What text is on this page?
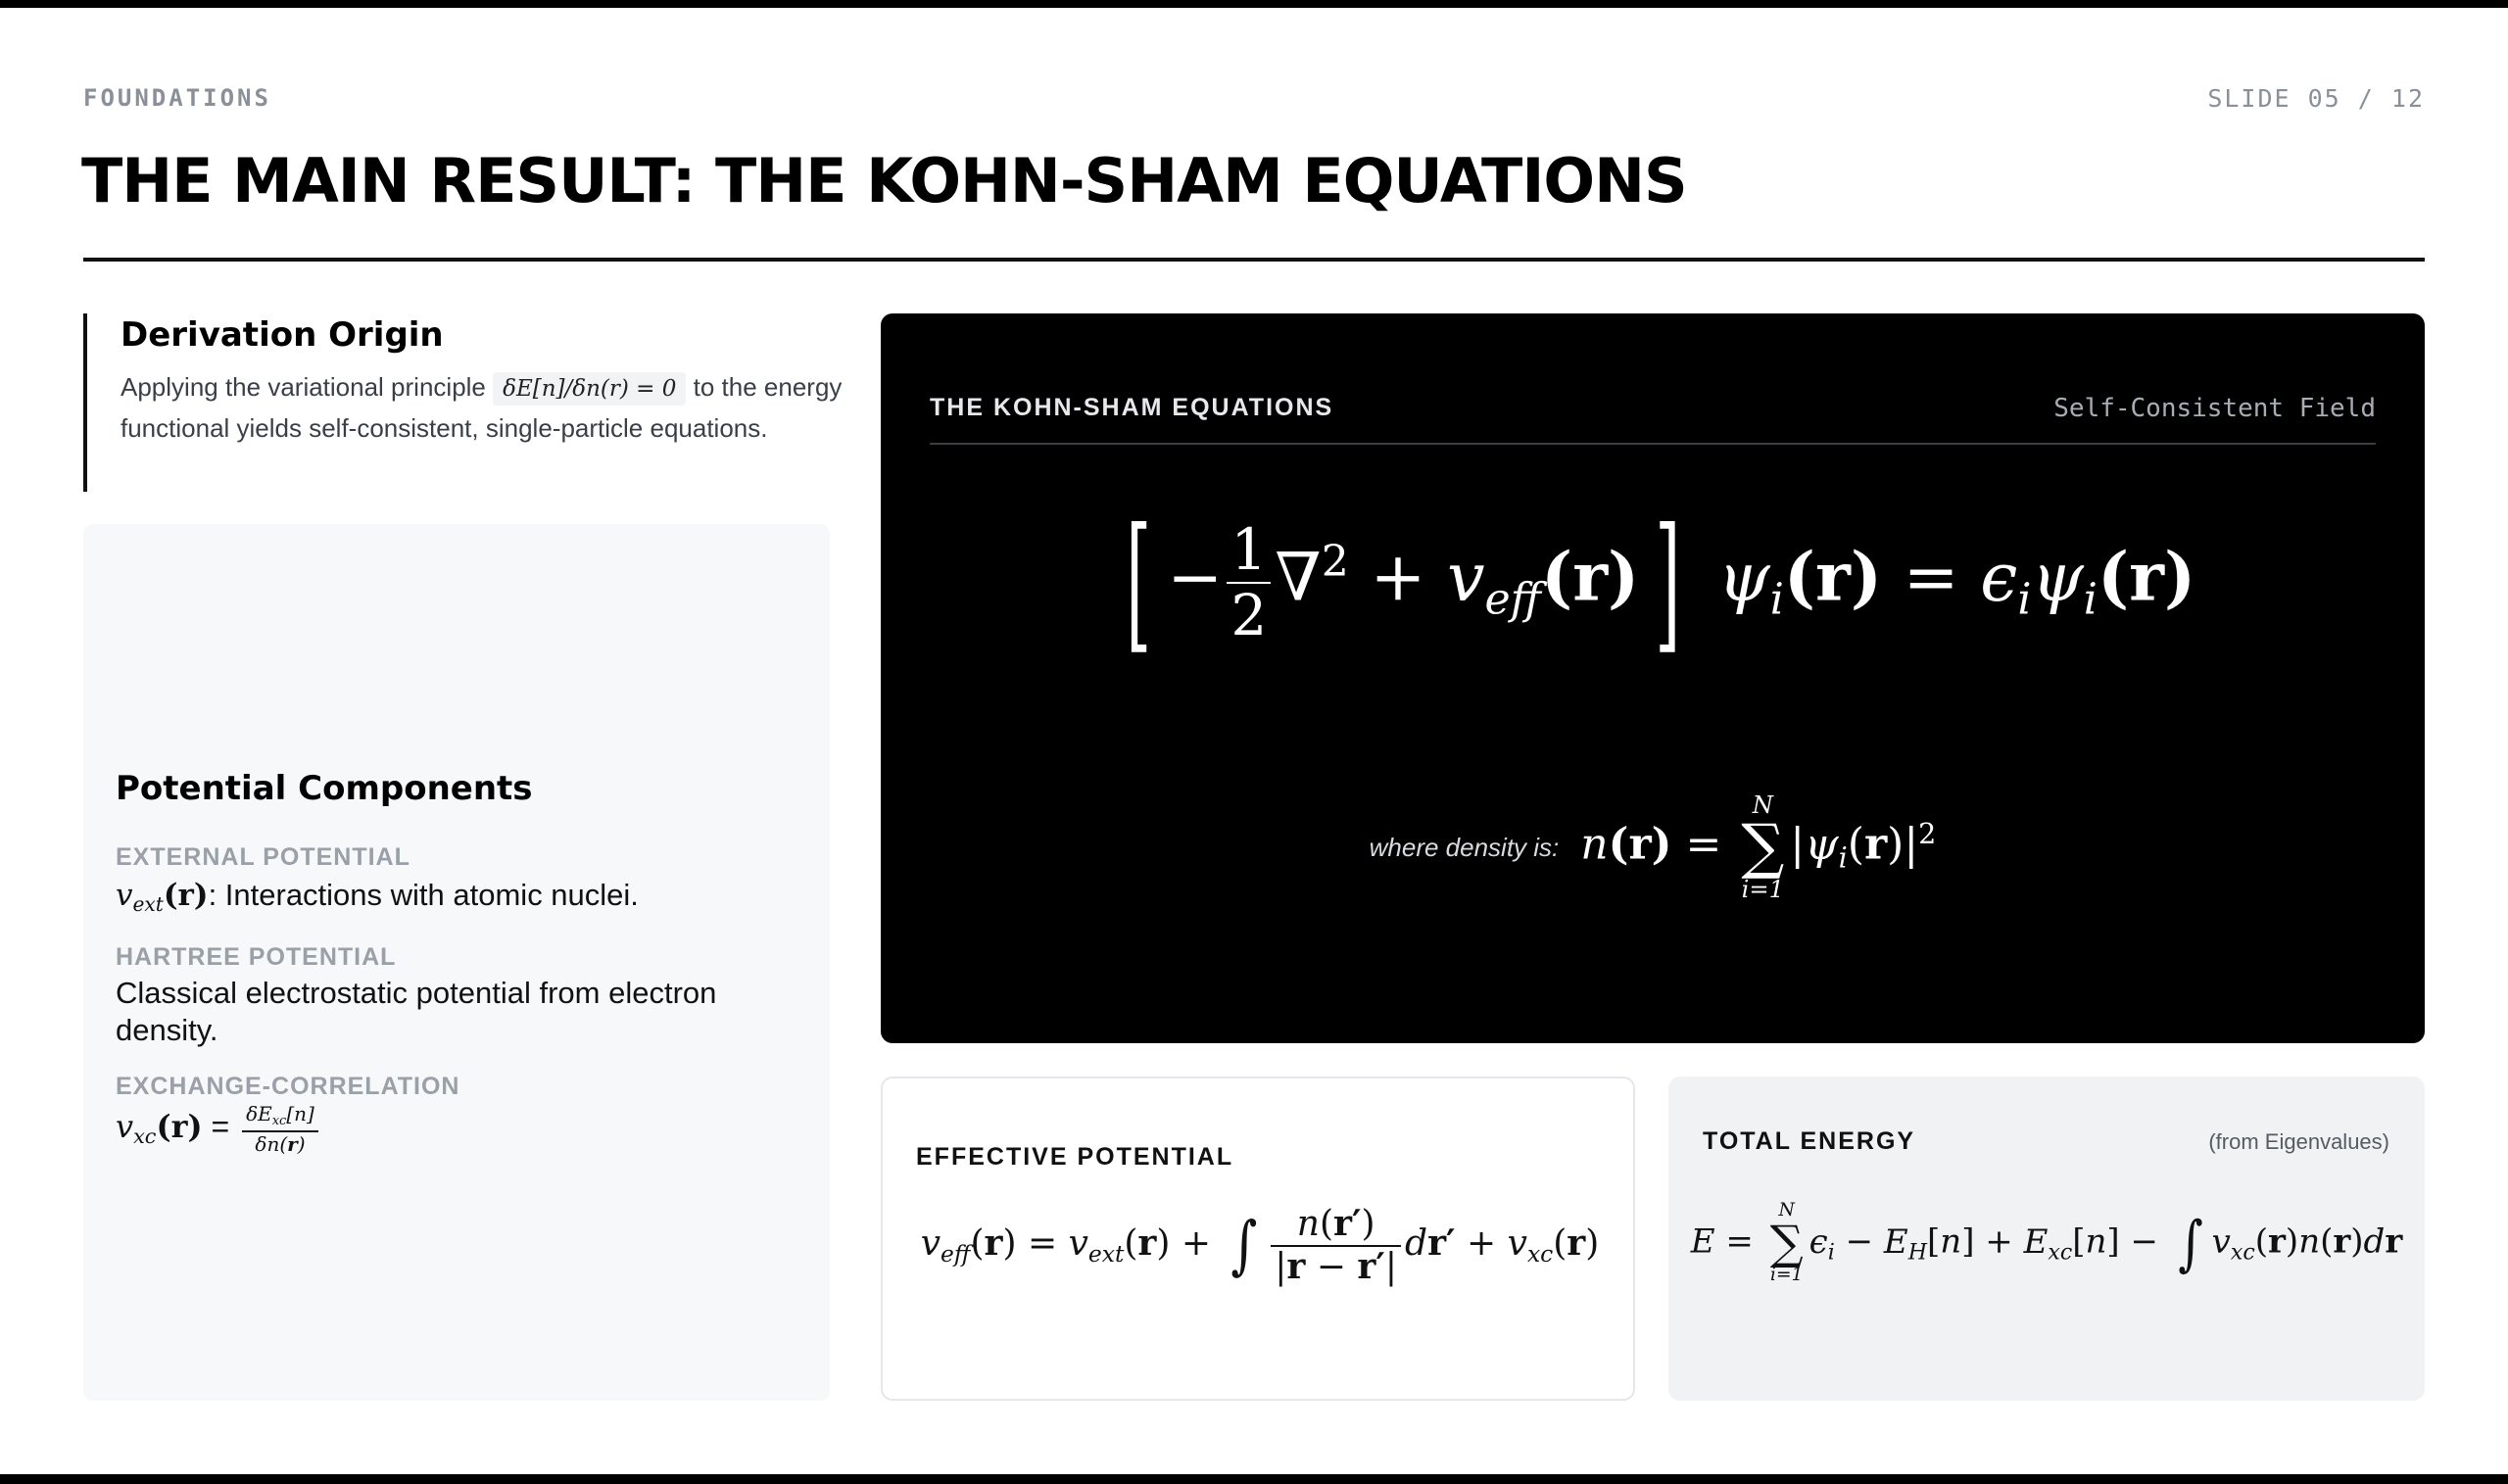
FOUNDATIONS	SLIDE 05 / 12
THE MAIN RESULT: THE KOHN-SHAM EQUATIONS
Derivation Origin

Applying the variational principle δE[n]/δn(r) = 0 to the energy functional yields self-consistent, single-particle equations.

Potential Components
EXTERNAL POTENTIAL
$v_{ext}(r)$: Interactions with atomic nuclei.
HARTREE POTENTIAL
Classical electrostatic potential from electron density.
EXCHANGE-CORRELATION
$v_{xc}(r) = \frac{\delta E_{xc}[n]}{\delta n(r)}$
THE KOHN-SHAM EQUATIONS	Self-Consistent Field
[ − $\frac{1}{2} \nabla^2 + v_{eff}(r)$ ] $\psi_i(r) = \epsilon_i\psi_i(r)$
where density is: n(r) =
N
∑
i=1
$|\psi_i(r)|^2$
EFFECTIVE POTENTIAL
$v_{eff}(r) = v_{ext}(r)$ + ∫ $\frac{n(r')}{|r - r'|} dr' + v_{xc}(r)$
TOTAL ENERGY	(from Eigenvalues)
E =
N
∑
i=1
$\epsilon_i - E_H[n] + E_{xc}[n]$ − ∫ $v_{xc}(r)n(r)dr$
